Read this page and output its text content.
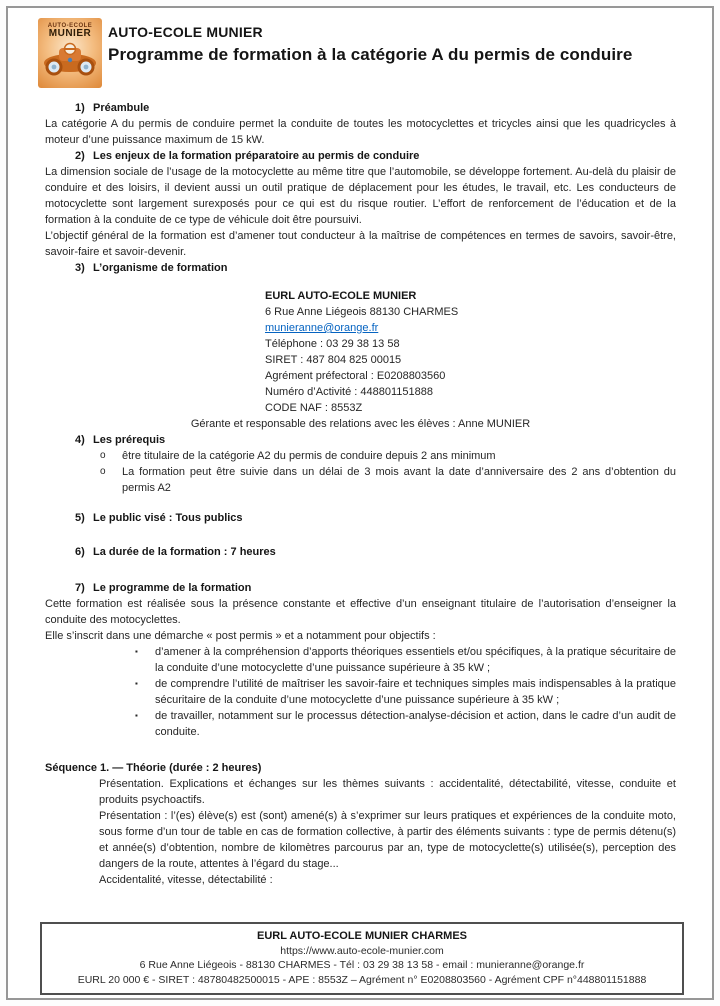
AUTO-ECOLE
MUNIER AUTO-ECOLE MUNIER
Programme de formation à la catégorie A du permis de conduire
1) Préambule

La catégorie A du permis de conduire permet la conduite de toutes les motocyclettes et tricycles ainsi que les quadricycles à moteur d’une puissance maximum de 15 kW.

2) Les enjeux de la formation préparatoire au permis de conduire

La dimension sociale de l’usage de la motocyclette au même titre que l’automobile, se développe fortement. Au-delà du plaisir de conduire et des loisirs, il devient aussi un outil pratique de déplacement pour les études, le travail, etc. Les conducteurs de motocyclette sont largement surexposés pour ce qui est du risque routier. L’effort de renforcement de l’éducation et de la formation à la conduite de ce type de véhicule doit être poursuivi.

L’objectif général de la formation est d’amener tout conducteur à la maîtrise de compétences en termes de savoirs, savoir-être, savoir-faire et savoir-devenir.

3) L’organisme de formation
EURL AUTO-ECOLE MUNIER
6 Rue Anne Liégeois 88130 CHARMES
munieranne@orange.fr
Téléphone : 03 29 38 13 58
SIRET : 487 804 825 00015
Agrément préfectoral : E0208803560
Numéro d’Activité : 448801151888
CODE NAF : 8553Z
Gérante et responsable des relations avec les élèves : Anne MUNIER
4) Les prérequis
o	être titulaire de la catégorie A2 du permis de conduire depuis 2 ans minimum
o	La formation peut être suivie dans un délai de 3 mois avant la date d’anniversaire des 2 ans d’obtention du permis A2
5) Le public visé : Tous publics
6) La durée de la formation : 7 heures
7) Le programme de la formation

Cette formation est réalisée sous la présence constante et effective d’un enseignant titulaire de l’autorisation d’enseigner la conduite des motocyclettes.

Elle s’inscrit dans une démarche « post permis » et a notamment pour objectifs :

▪	d’amener à la compréhension d’apports théoriques essentiels et/ou spécifiques, à la pratique sécuritaire de la conduite d’une motocyclette d’une puissance supérieure à 35 kW ;
▪	de comprendre l’utilité de maîtriser les savoir-faire et techniques simples mais indispensables à la pratique sécuritaire de la conduite d’une motocyclette d’une puissance supérieure à 35 kW ;
▪	de travailler, notamment sur le processus détection-analyse-décision et action, dans le cadre d’un audit de conduite.
Séquence 1. — Théorie (durée : 2 heures)

Présentation. Explications et échanges sur les thèmes suivants : accidentalité, détectabilité, vitesse, conduite et produits psychoactifs.

Présentation : l’(es) élève(s) est (sont) amené(s) à s’exprimer sur leurs pratiques et expériences de la conduite moto, sous forme d’un tour de table en cas de formation collective, à partir des éléments suivants : type de permis détenu(s) et année(s) d’obtention, nombre de kilomètres parcourus par an, type de motocyclette(s) utilisée(s), perception des dangers de la route, attentes à l’égard du stage...

Accidentalité, vitesse, détectabilité :

EURL AUTO-ECOLE MUNIER CHARMES
https://www.auto-ecole-munier.com
6 Rue Anne Liégeois - 88130 CHARMES - Tél : 03 29 38 13 58 - email : munieranne@orange.fr
EURL 20 000 € - SIRET : 48780482500015 - APE : 8553Z – Agrément n° E0208803560 - Agrément CPF n°448801151888
